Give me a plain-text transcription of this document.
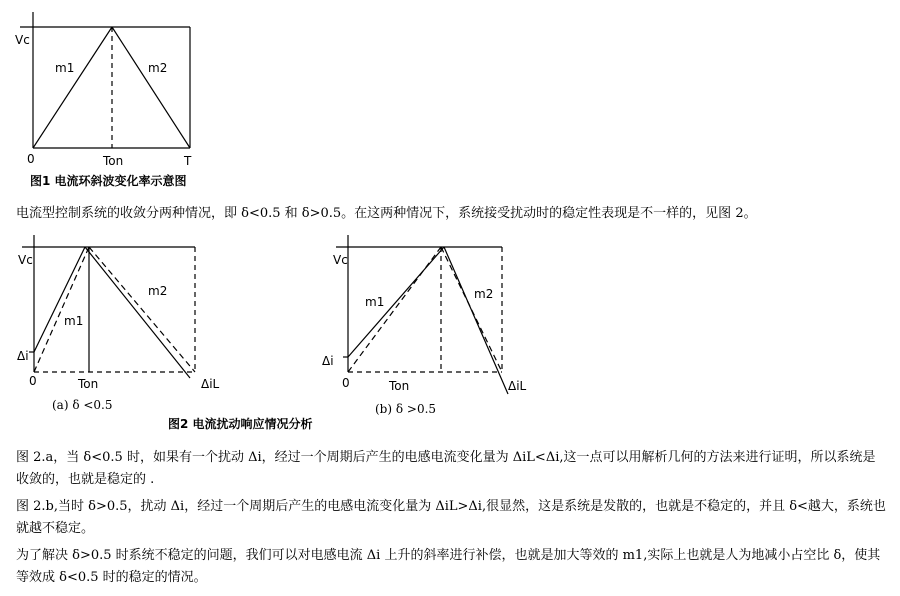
Vc
m1	m2
0	Ton	T
图1 电流环斜波变化率示意图
Vc
m1
m2
Δi
0	Ton	ΔiL
(a) δ <0.5
Vc
m1
m2
Δi
0	Ton	ΔiL
(b) δ >0.5
图2 电流扰动响应情况分析
电流型控制系统的收敛分两种情况，即 δ<0.5 和 δ>0.5。在这两种情况下，系统接受扰动时的稳定性表现是不一样的，见图 2。
图 2.a，当 δ<0.5 时，如果有一个扰动 Δi，经过一个周期后产生的电感电流变化量为 ΔiL<Δi,这一点可以用解析几何的方法来进行证明，所以系统是收敛的，也就是稳定的 .
图 2.b,当时 δ>0.5，扰动 Δi，经过一个周期后产生的电感电流变化量为 ΔiL>Δi,很显然，这是系统是发散的，也就是不稳定的，并且 δ<越大，系统也就越不稳定。
为了解决 δ>0.5 时系统不稳定的问题，我们可以对电感电流 Δi 上升的斜率进行补偿，也就是加大等效的 m1,实际上也就是人为地减小占空比 δ，使其等效成 δ<0.5 时的稳定的情况。
